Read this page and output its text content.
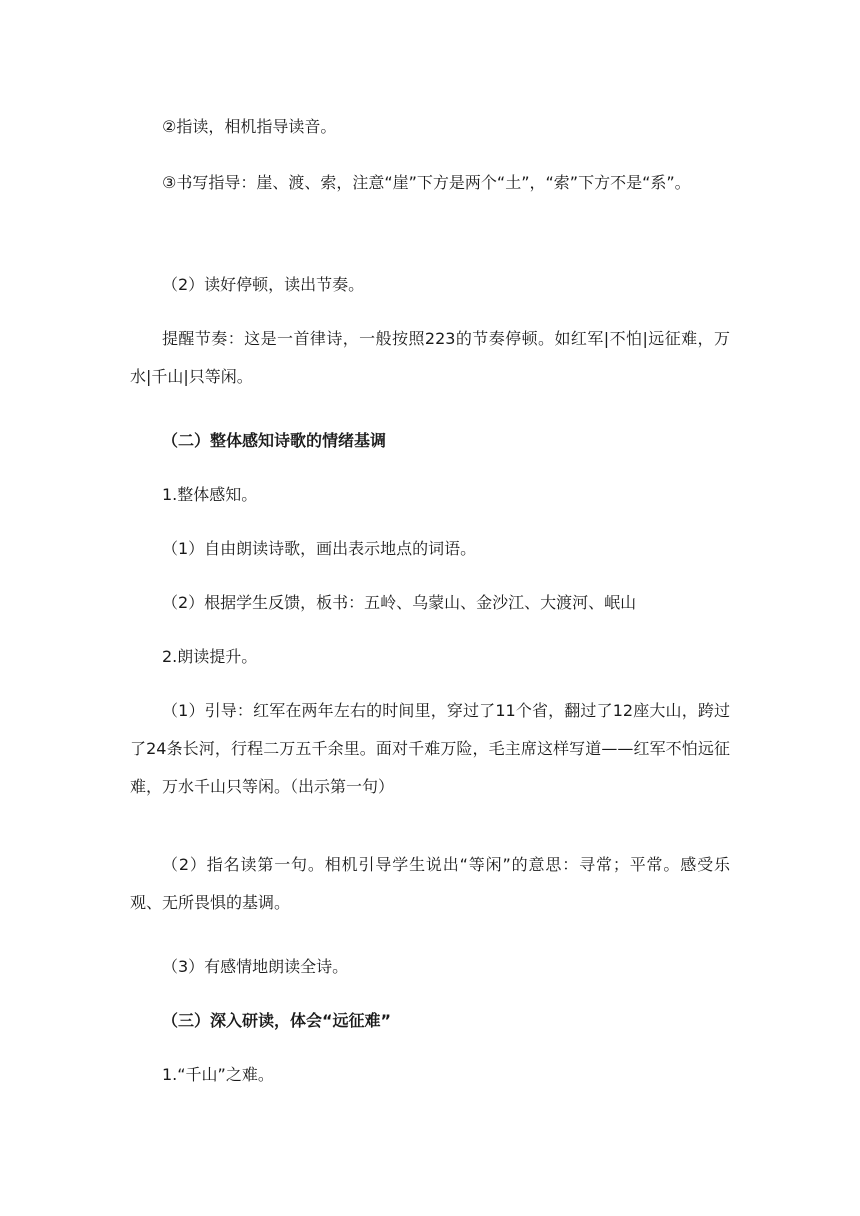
②指读，相机指导读音。

③书写指导：崖、渡、索，注意“崖”下方是两个“土”，“索”下方不是“系”。

（2）读好停顿，读出节奏。

提醒节奏：这是一首律诗，一般按照223的节奏停顿。如红军|不怕|远征难，万水|千山|只等闲。

（二）整体感知诗歌的情绪基调

1.整体感知。

（1）自由朗读诗歌，画出表示地点的词语。

（2）根据学生反馈，板书：五岭、乌蒙山、金沙江、大渡河、岷山

2.朗读提升。

（1）引导：红军在两年左右的时间里，穿过了11个省，翻过了12座大山，跨过了24条长河，行程二万五千余里。面对千难万险，毛主席这样写道——红军不怕远征难，万水千山只等闲。（出示第一句）

（2）指名读第一句。相机引导学生说出“等闲”的意思：寻常；平常。感受乐观、无所畏惧的基调。

（3）有感情地朗读全诗。

（三）深入研读，体会“远征难”

1.“千山”之难。
